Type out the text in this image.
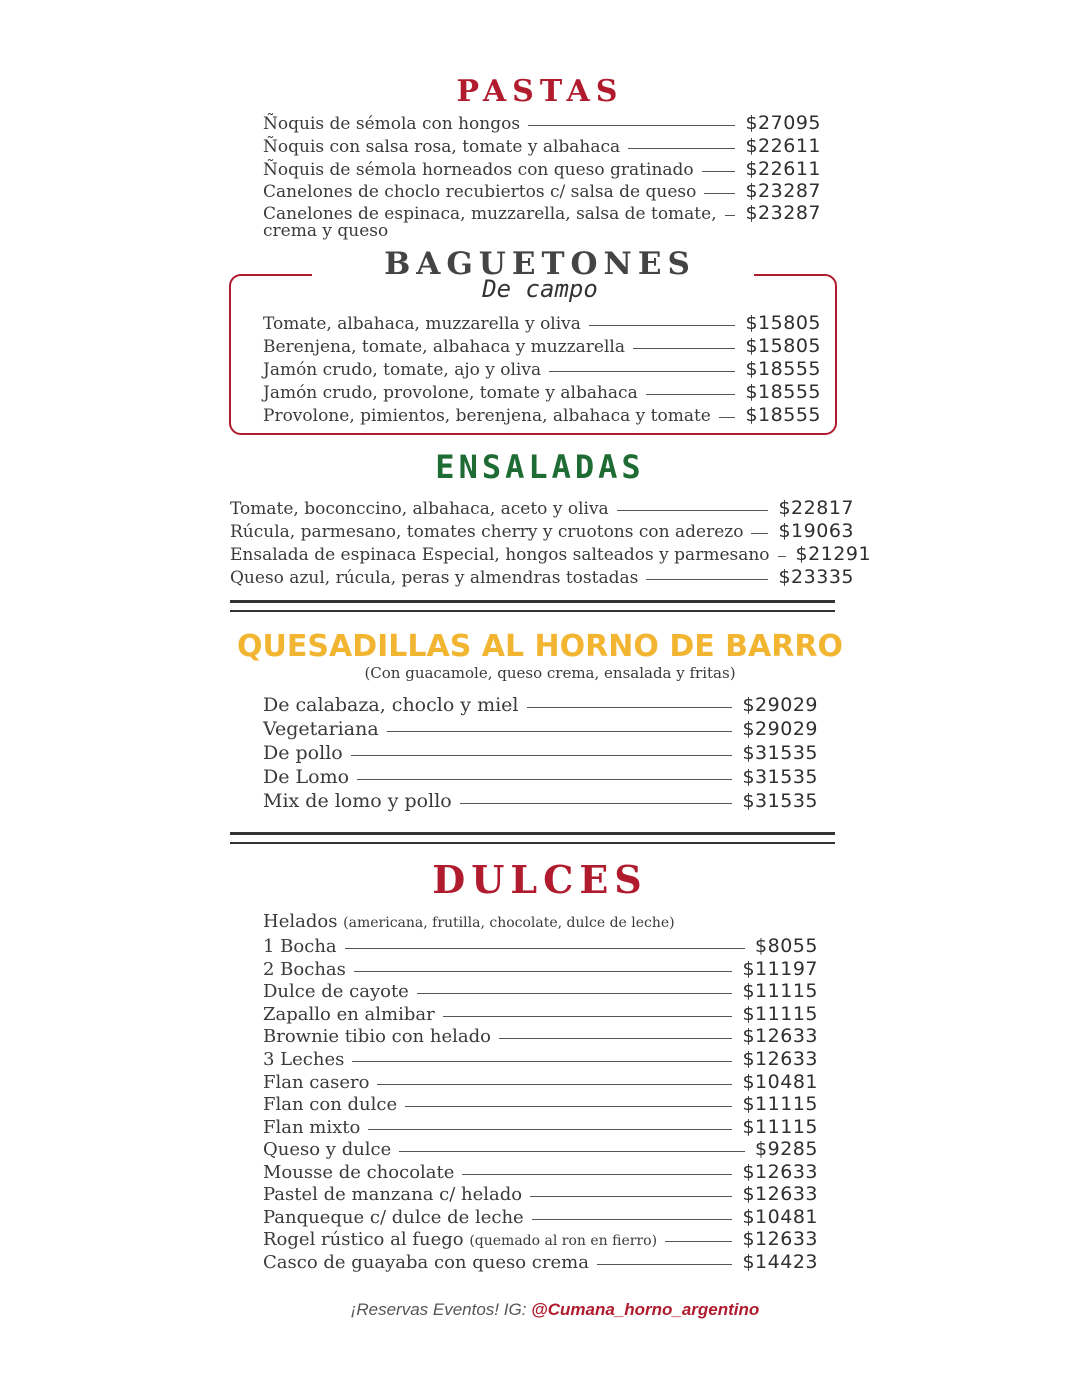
PASTAS
Ñoquis de sémola con hongos	$27095
Ñoquis con salsa rosa, tomate y albahaca	$22611
Ñoquis de sémola horneados con queso gratinado	$22611
Canelones de choclo recubiertos c/ salsa de queso	$23287
Canelones de espinaca, muzzarella, salsa de tomate, $23287
crema y queso
BAGUETONES
De campo
Tomate, albahaca, muzzarella y oliva	$15805
Berenjena, tomate, albahaca y muzzarella	$15805
Jamón crudo, tomate, ajo y oliva	$18555
Jamón crudo, provolone, tomate y albahaca	$18555
Provolone, pimientos, berenjena, albahaca y tomate $18555
ENSALADAS
Tomate, boconccino, albahaca, aceto y oliva	$22817
Rúcula, parmesano, tomates cherry y cruotons con aderezo $19063
Ensalada de espinaca Especial, hongos salteados y parmesano $21291
Queso azul, rúcula, peras y almendras tostadas	$23335
QUESADILLAS AL HORNO DE BARRO
(Con guacamole, queso crema, ensalada y fritas)
De calabaza, choclo y miel	$29029
Vegetariana	$29029
De pollo	$31535
De Lomo	$31535
Mix de lomo y pollo	$31535
DULCES
Helados (americana, frutilla, chocolate, dulce de leche)
1 Bocha	$8055
2 Bochas	$11197
Dulce de cayote	$11115
Zapallo en almibar	$11115
Brownie tibio con helado	$12633
3 Leches	$12633
Flan casero	$10481
Flan con dulce	$11115
Flan mixto	$11115
Queso y dulce	$9285
Mousse de chocolate	$12633
Pastel de manzana c/ helado	$12633
Panqueque c/ dulce de leche	$10481
Rogel rústico al fuego (quemado al ron en fierro)	$12633
Casco de guayaba con queso crema	$14423
¡Reservas Eventos! IG: @Cumana_horno_argentino
